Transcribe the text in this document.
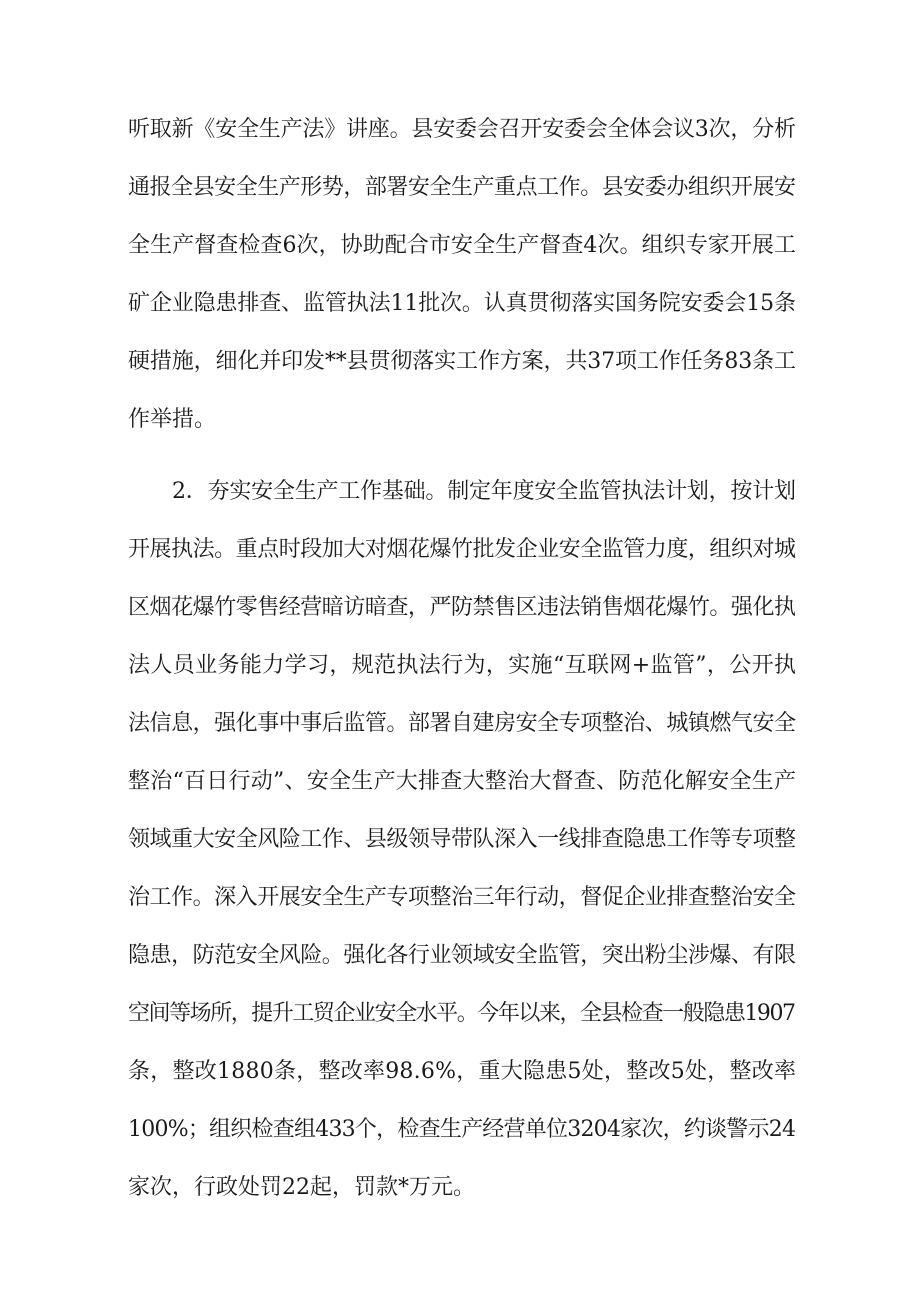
听取新《安全生产法》讲座。县安委会召开安委会全体会议3次，分析
通报全县安全生产形势，部署安全生产重点工作。县安委办组织开展安
全生产督查检查6次，协助配合市安全生产督查4次。组织专家开展工
矿企业隐患排查、监管执法11批次。认真贯彻落实国务院安委会15条
硬措施，细化并印发**县贯彻落实工作方案，共37项工作任务83条工
作举措。
2．夯实安全生产工作基础。制定年度安全监管执法计划，按计划
开展执法。重点时段加大对烟花爆竹批发企业安全监管力度，组织对城
区烟花爆竹零售经营暗访暗查，严防禁售区违法销售烟花爆竹。强化执
法人员业务能力学习，规范执法行为，实施“互联网+监管”，公开执
法信息，强化事中事后监管。部署自建房安全专项整治、城镇燃气安全
整治“百日行动”、安全生产大排查大整治大督查、防范化解安全生产
领域重大安全风险工作、县级领导带队深入一线排查隐患工作等专项整
治工作。深入开展安全生产专项整治三年行动，督促企业排查整治安全
隐患，防范安全风险。强化各行业领域安全监管，突出粉尘涉爆、有限
空间等场所，提升工贸企业安全水平。今年以来，全县检查一般隐患1907
条，整改1880条，整改率98.6%，重大隐患5处，整改5处，整改率
100%；组织检查组433个，检查生产经营单位3204家次，约谈警示24
家次，行政处罚22起，罚款*万元。
